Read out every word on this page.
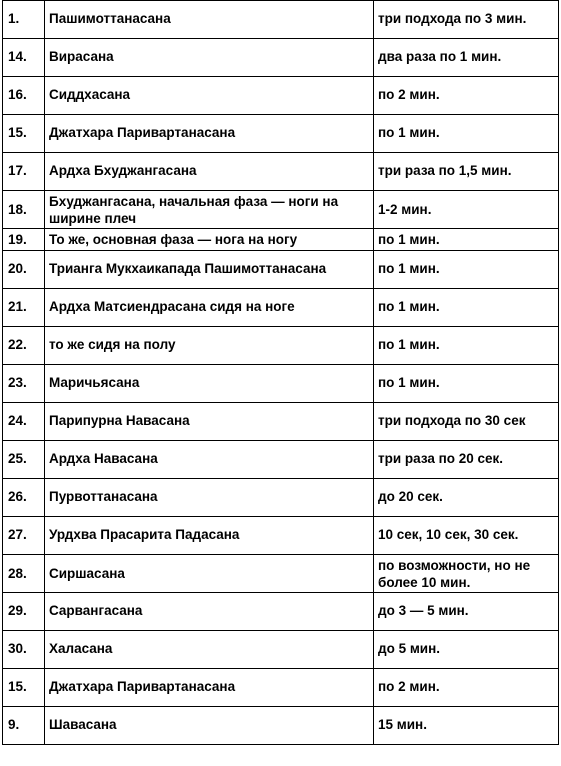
1.	Пашимоттанасана	три подхода по 3 мин.
14.	Вирасана	два раза по 1 мин.
16.	Сиддхасана	по 2 мин.
15.	Джатхара Паривартанасана	по 1 мин.
17.	Ардха Бхуджангасана	три раза по 1,5 мин.
18.	Бхуджангасана, начальная фаза — ноги на ширине плеч	1-2 мин.
19.	То же, основная фаза — нога на ногу	по 1 мин.
20.	Трианга Мукхаикапада Пашимоттанасана	по 1 мин.
21.	Ардха Матсиендрасана сидя на ноге	по 1 мин.
22.	то же сидя на полу	по 1 мин.
23.	Маричьясана	по 1 мин.
24.	Парипурна Навасана	три подхода по 30 сек
25.	Ардха Навасана	три раза по 20 сек.
26.	Пурвоттанасана	до 20 сек.
27.	Урдхва Прасарита Падасана	10 сек, 10 сек, 30 сек.
28.	Сиршасана	по возможности, но не более 10 мин.
29.	Сарвангасана	до 3 — 5 мин.
30.	Халасана	до 5 мин.
15.	Джатхара Паривартанасана	по 2 мин.
9.	Шавасана	15 мин.
